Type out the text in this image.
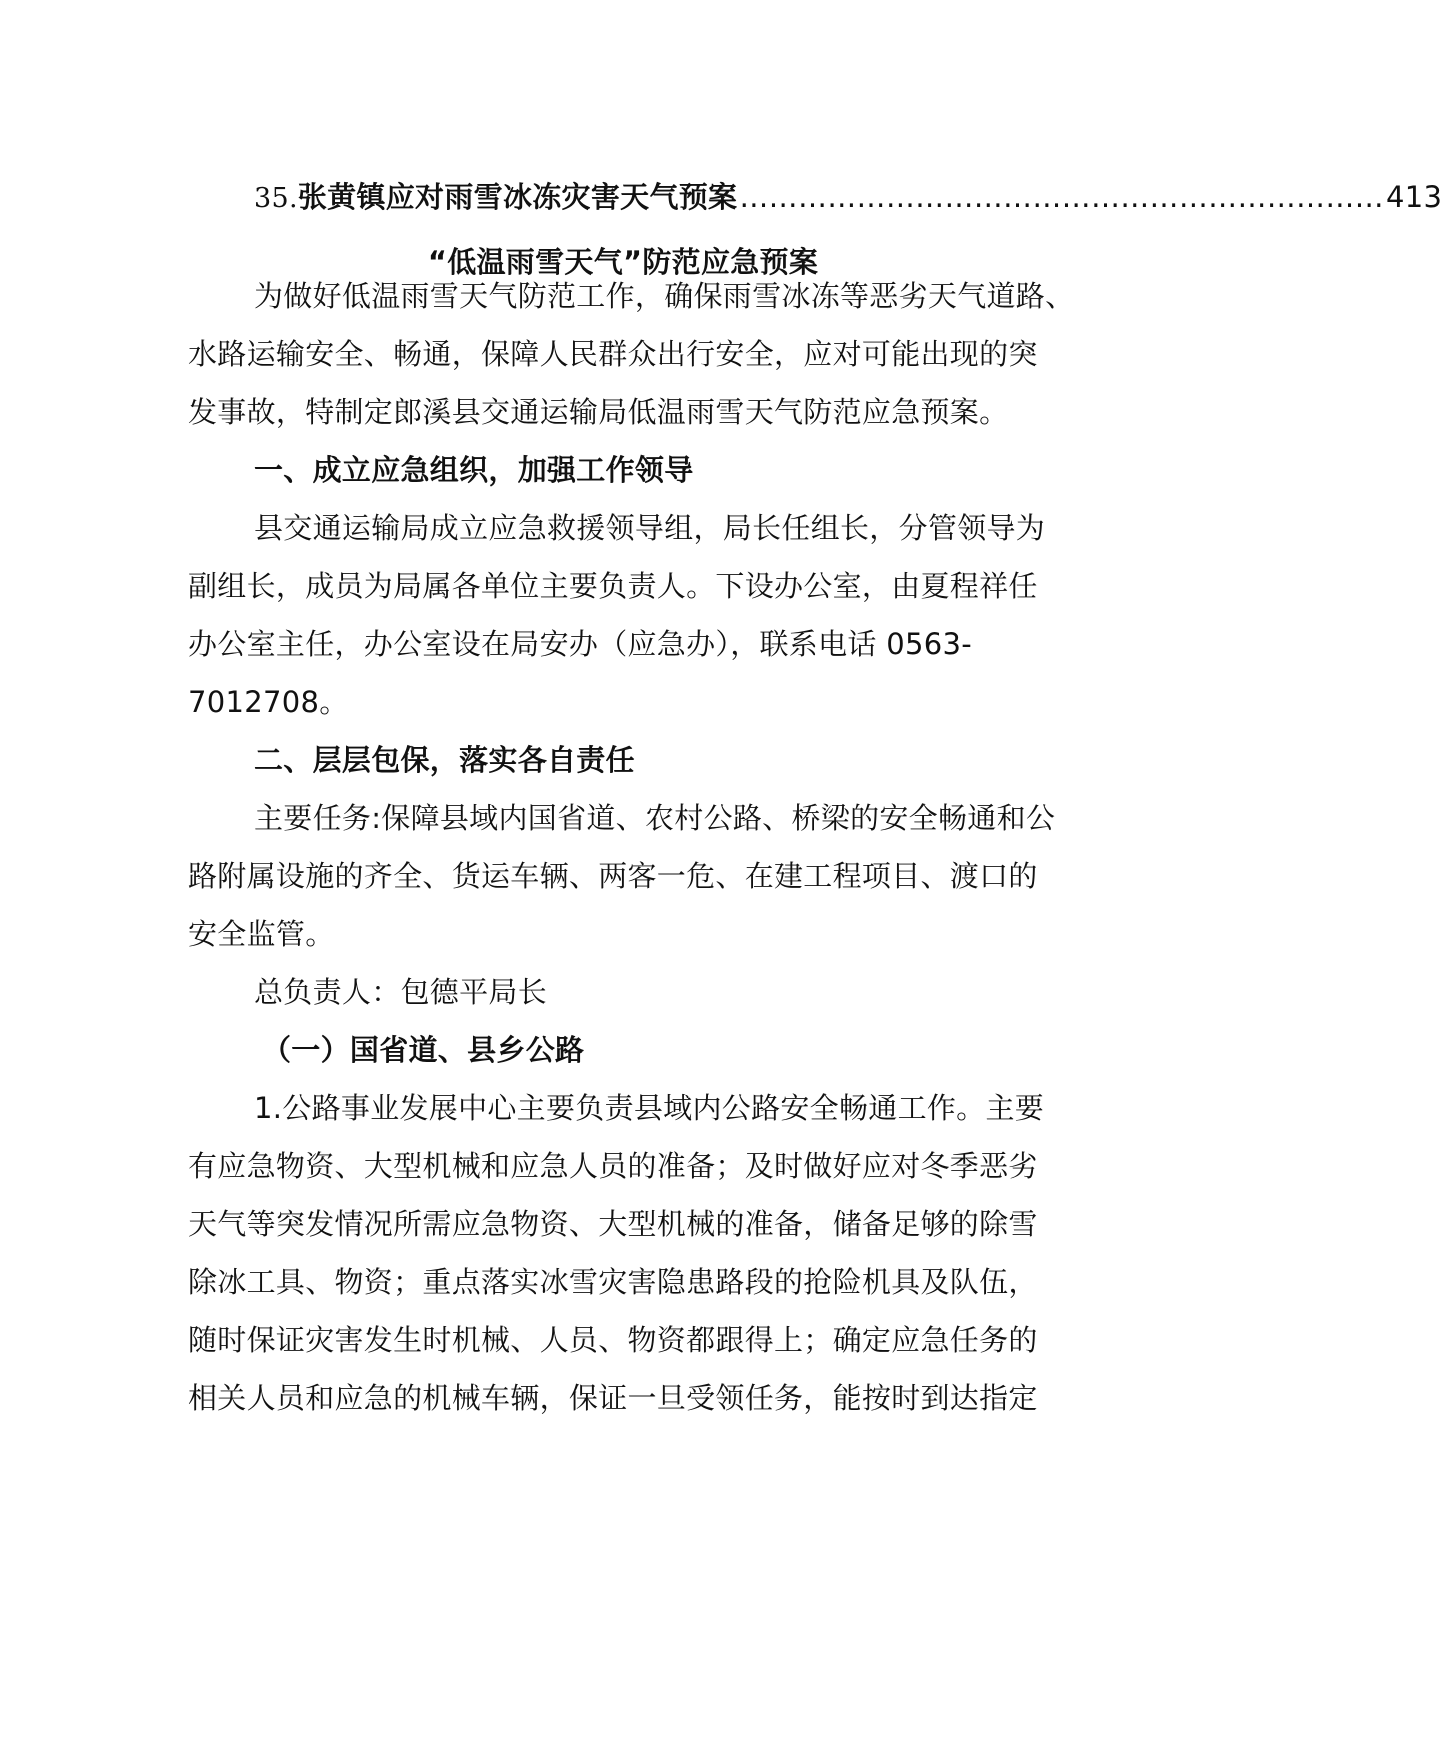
35. 张黄镇应对雨雪冰冻灾害天气预案 ………………………………………………………… 413
“低温雨雪天气”防范应急预案
为做好低温雨雪天气防范工作，确保雨雪冰冻等恶劣天气道路、
水路运输安全、畅通，保障人民群众出行安全，应对可能出现的突
发事故，特制定郎溪县交通运输局低温雨雪天气防范应急预案。
一、成立应急组织，加强工作领导
县交通运输局成立应急救援领导组，局长任组长，分管领导为
副组长，成员为局属各单位主要负责人。下设办公室，由夏程祥任
办公室主任，办公室设在局安办（应急办），联系电话 0563-
7012708。
二、层层包保，落实各自责任
主要任务:保障县域内国省道、农村公路、桥梁的安全畅通和公
路附属设施的齐全、货运车辆、两客一危、在建工程项目、渡口的
安全监管。
总负责人：包德平局长
（一）国省道、县乡公路
1.公路事业发展中心主要负责县域内公路安全畅通工作。主要
有应急物资、大型机械和应急人员的准备；及时做好应对冬季恶劣
天气等突发情况所需应急物资、大型机械的准备，储备足够的除雪
除冰工具、物资；重点落实冰雪灾害隐患路段的抢险机具及队伍，
随时保证灾害发生时机械、人员、物资都跟得上；确定应急任务的
相关人员和应急的机械车辆，保证一旦受领任务，能按时到达指定
